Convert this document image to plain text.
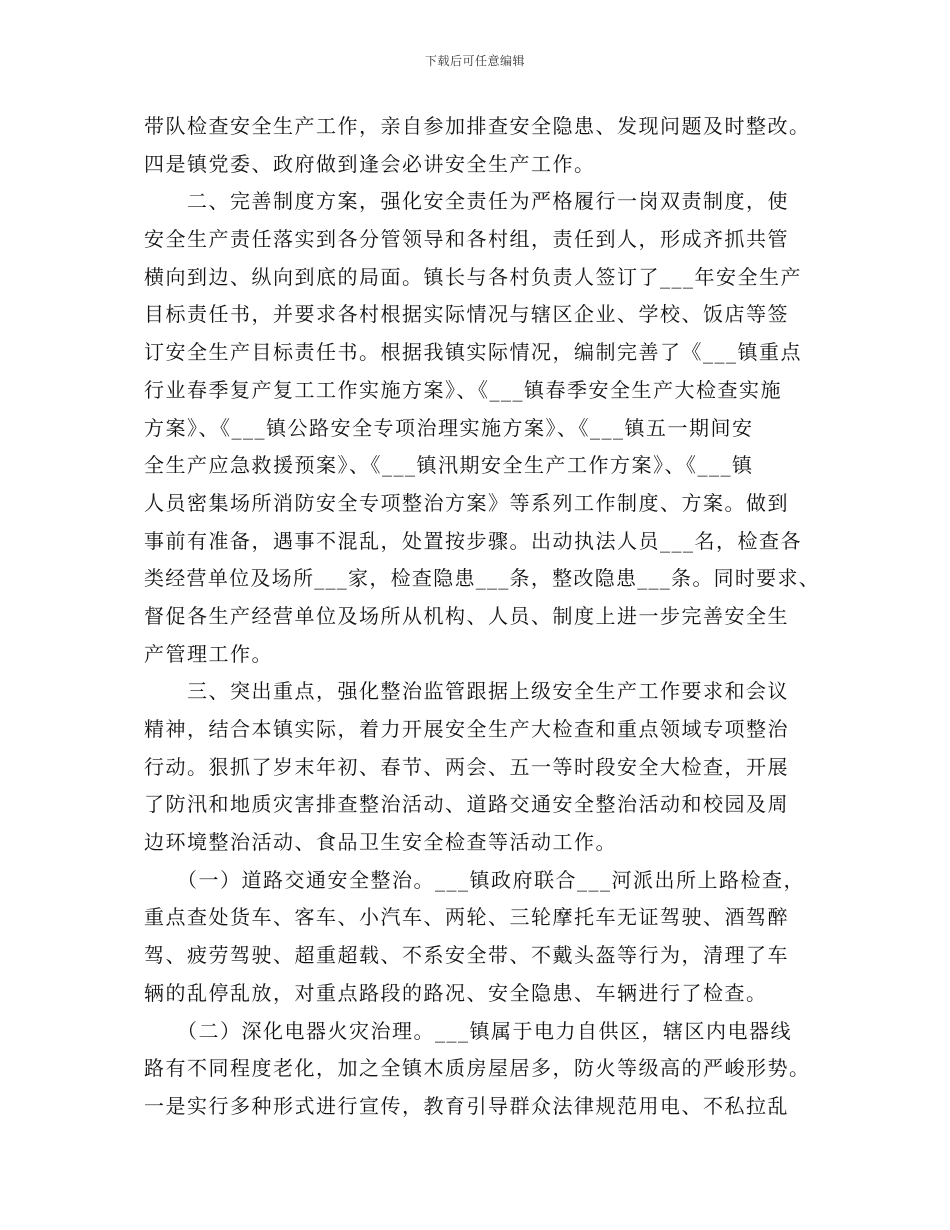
下载后可任意编辑
带队检查安全生产工作，亲自参加排查安全隐患、发现问题及时整改。
四是镇党委、政府做到逢会必讲安全生产工作。
　　二、完善制度方案，强化安全责任为严格履行一岗双责制度，使
安全生产责任落实到各分管领导和各村组，责任到人，形成齐抓共管
横向到边、纵向到底的局面。镇长与各村负责人签订了___年安全生产
目标责任书，并要求各村根据实际情况与辖区企业、学校、饭店等签
订安全生产目标责任书。根据我镇实际情况，编制完善了《___镇重点
行业春季复产复工工作实施方案》、《___镇春季安全生产大检查实施
方案》、《___镇公路安全专项治理实施方案》、《___镇五一期间安
全生产应急救援预案》、《___镇汛期安全生产工作方案》、《___镇
人员密集场所消防安全专项整治方案》等系列工作制度、方案。做到
事前有准备，遇事不混乱，处置按步骤。出动执法人员___名，检查各
类经营单位及场所___家，检查隐患___条，整改隐患___条。同时要求、
督促各生产经营单位及场所从机构、人员、制度上进一步完善安全生
产管理工作。
　　三、突出重点，强化整治监管跟据上级安全生产工作要求和会议
精神，结合本镇实际，着力开展安全生产大检查和重点领域专项整治
行动。狠抓了岁末年初、春节、两会、五一等时段安全大检查，开展
了防汛和地质灾害排查整治活动、道路交通安全整治活动和校园及周
边环境整治活动、食品卫生安全检查等活动工作。
　　（一）道路交通安全整治。___镇政府联合___河派出所上路检查，
重点查处货车、客车、小汽车、两轮、三轮摩托车无证驾驶、酒驾醉
驾、疲劳驾驶、超重超载、不系安全带、不戴头盔等行为，清理了车
辆的乱停乱放，对重点路段的路况、安全隐患、车辆进行了检查。
　　（二）深化电器火灾治理。___镇属于电力自供区，辖区内电器线
路有不同程度老化，加之全镇木质房屋居多，防火等级高的严峻形势。
一是实行多种形式进行宣传，教育引导群众法律规范用电、不私拉乱
